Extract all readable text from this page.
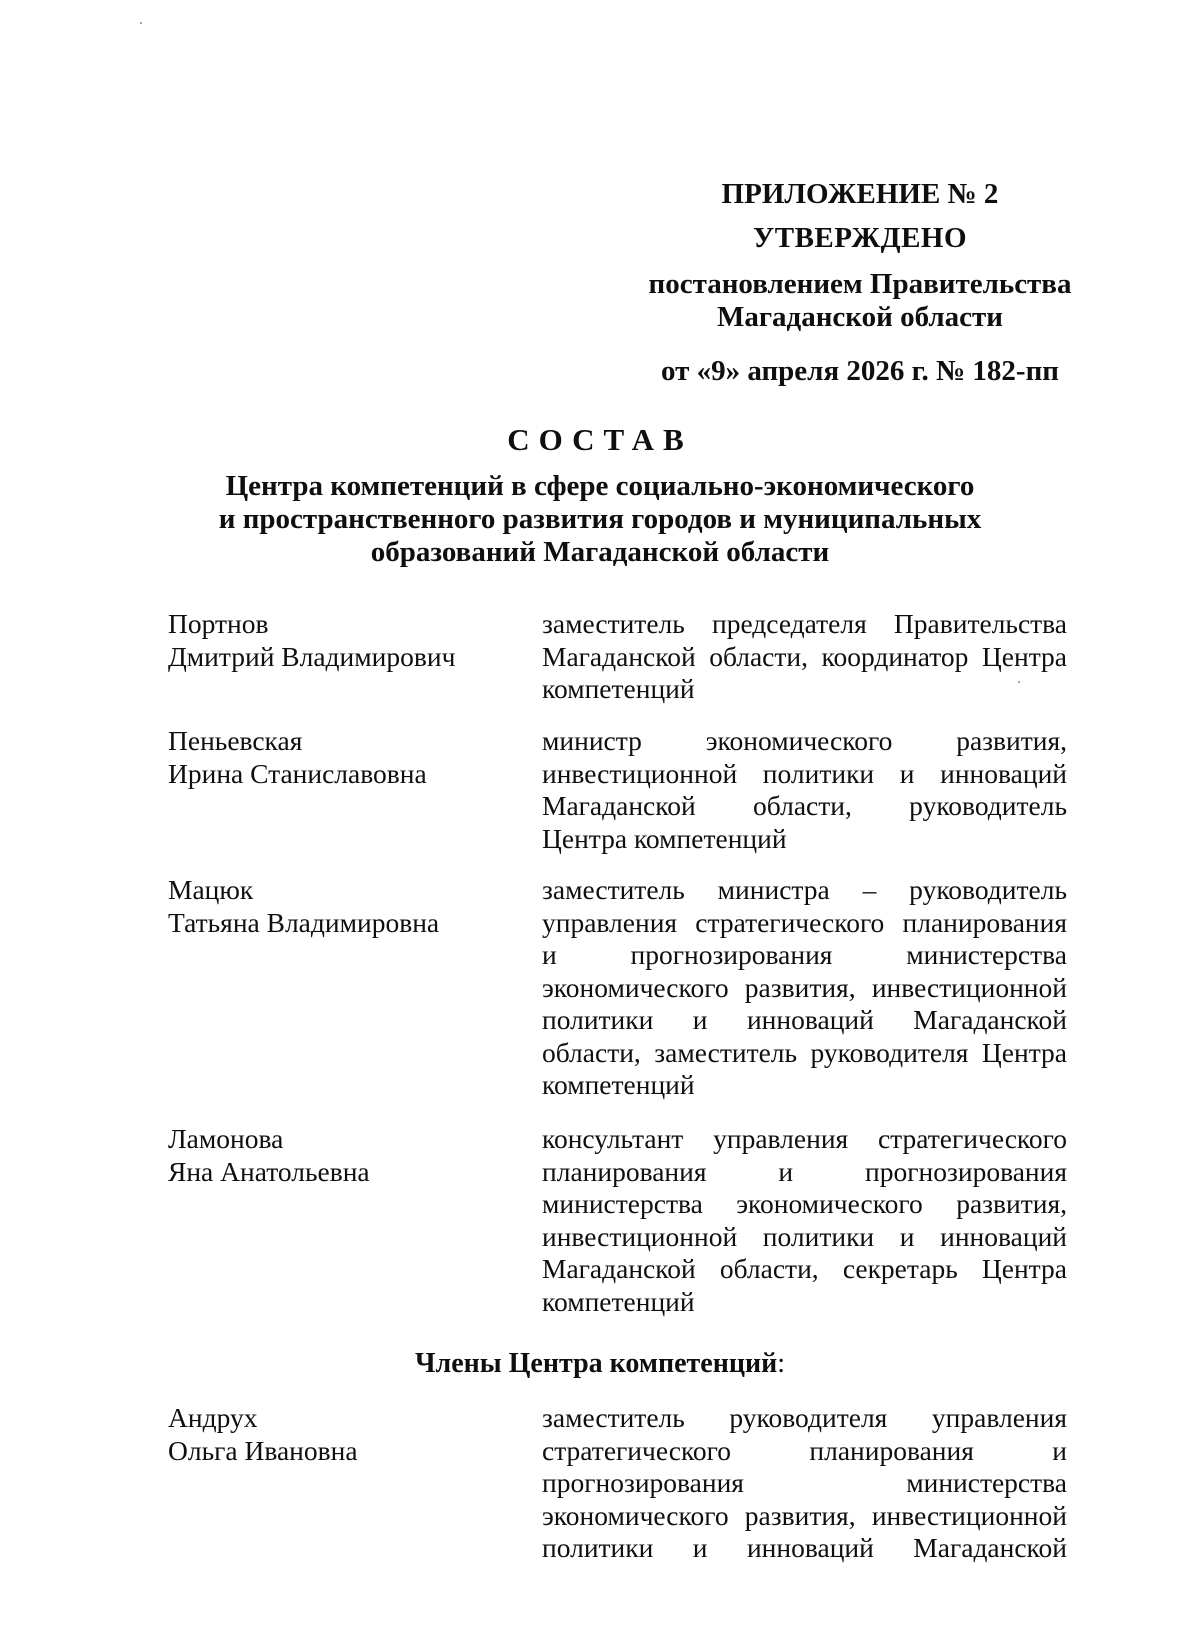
ПРИЛОЖЕНИЕ № 2
УТВЕРЖДЕНО
постановлением Правительства
Магаданской области
от «9» апреля 2026 г. № 182-пп
СОСТАВ
Центра компетенций в сфере социально-экономического
и пространственного развития городов и муниципальных
образований Магаданской области
Портнов
Дмитрий Владимирович
заместитель председателя Правительства
Магаданской области, координатор Центра
компетенций
Пеньевская
Ирина Станиславовна
министр экономического развития,
инвестиционной политики и инноваций
Магаданской области, руководитель
Центра компетенций
Мацюк
Татьяна Владимировна
заместитель министра – руководитель
управления стратегического планирования
и прогнозирования министерства
экономического развития, инвестиционной
политики и инноваций Магаданской
области, заместитель руководителя Центра
компетенций
Ламонова
Яна Анатольевна
консультант управления стратегического
планирования и прогнозирования
министерства экономического развития,
инвестиционной политики и инноваций
Магаданской области, секретарь Центра
компетенций
Члены Центра компетенций:
Андрух
Ольга Ивановна
заместитель руководителя управления
стратегического планирования и
прогнозирования министерства
экономического развития, инвестиционной
политики и инноваций Магаданской
